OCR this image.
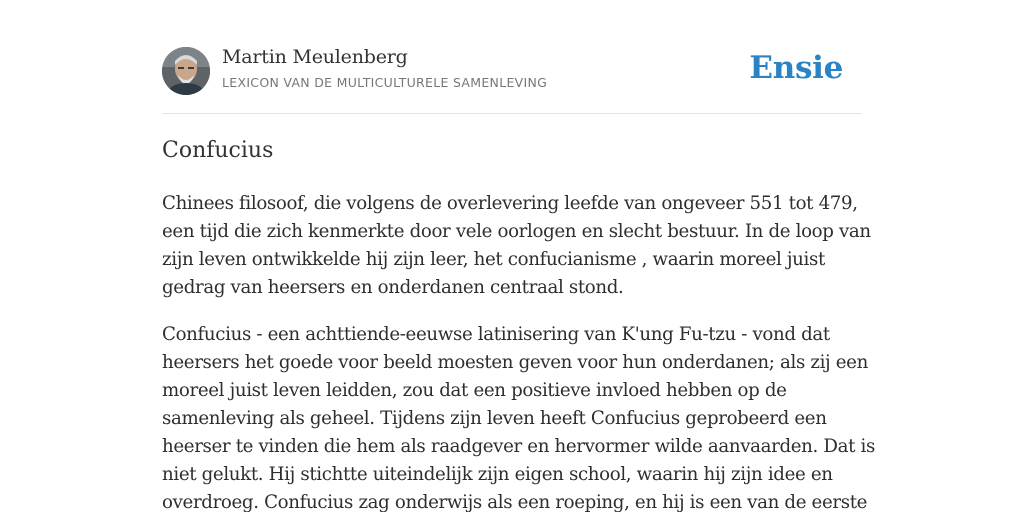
Martin Meulenberg
LEXICON VAN DE MULTICULTURELE SAMENLEVING	Ensie
Confucius

Chinees filosoof, die volgens de overlevering leefde van ongeveer 551 tot 479,
een tijd die zich kenmerkte door vele oorlogen en slecht bestuur. In de loop van
zijn leven ontwikkelde hij zijn leer, het confucianisme , waarin moreel juist
gedrag van heersers en onderdanen centraal stond.

Confucius - een achttiende-eeuwse latinisering van K'ung Fu-tzu - vond dat
heersers het goede voor beeld moesten geven voor hun onderdanen; als zij een
moreel juist leven leidden, zou dat een positieve invloed hebben op de
samenleving als geheel. Tijdens zijn leven heeft Confucius geprobeerd een
heerser te vinden die hem als raadgever en hervormer wilde aanvaarden. Dat is
niet gelukt. Hij stichtte uiteindelijk zijn eigen school, waarin hij zijn idee en
overdroeg. Confucius zag onderwijs als een roeping, en hij is een van de eerste
